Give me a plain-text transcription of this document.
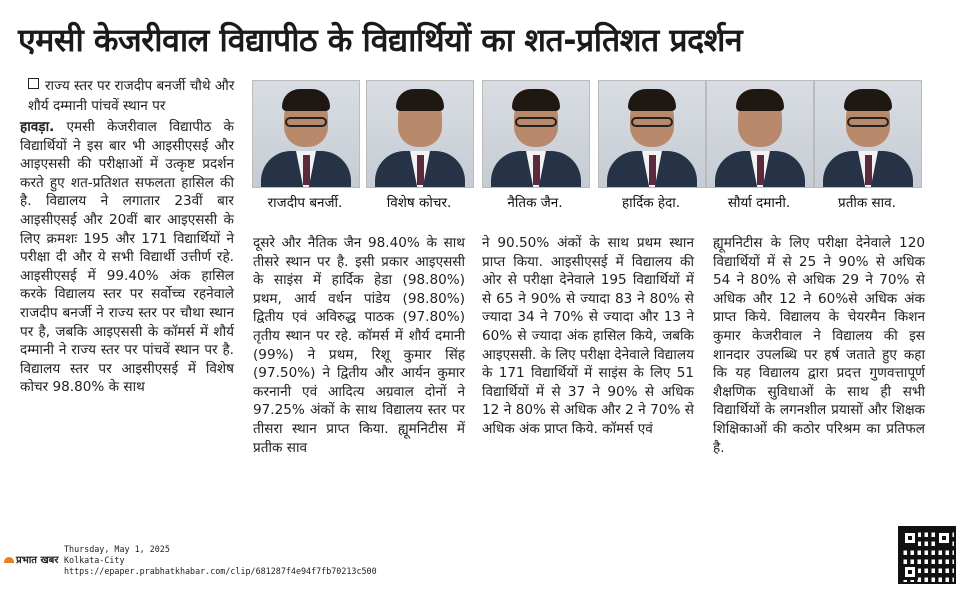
एमसी केजरीवाल विद्यापीठ के विद्यार्थियों का शत-प्रतिशत प्रदर्शन
राज्य स्तर पर राजदीप बनर्जी चौथे और शौर्य दम्मानी पांचवें स्थान पर

हावड़ा. एमसी केजरीवाल विद्यापीठ के विद्यार्थियों ने इस बार भी आइसीएसई और आइएससी की परीक्षाओं में उत्कृष्ट प्रदर्शन करते हुए शत-प्रतिशत सफलता हासिल की है. विद्यालय ने लगातार 23वीं बार आइसीएसई और 20वीं बार आइएससी के लिए क्रमशः 195 और 171 विद्यार्थियों ने परीक्षा दी और ये सभी विद्यार्थी उत्तीर्ण रहे. आइसीएसई में 99.40% अंक हासिल करके विद्यालय स्तर पर सर्वोच्च रहनेवाले राजदीप बनर्जी ने राज्य स्तर पर चौथा स्थान पर है, जबकि आइएससी के कॉमर्स में शौर्य दम्मानी ने राज्य स्तर पर पांचवें स्थान पर है. विद्यालय स्तर पर आइसीएसई में विशेष कोचर 98.80% के साथ

राजदीप बनर्जी.	विशेष कोचर.	नैतिक जैन.	हार्दिक हेदा.	सौर्या दमानी.	प्रतीक साव.

दूसरे और नैतिक जैन 98.40% के साथ तीसरे स्थान पर है. इसी प्रकार आइएससी के साइंस में हार्दिक हेडा (98.80%) प्रथम, आर्य वर्धन पांडेय (98.80%) द्वितीय एवं अविरुद्ध पाठक (97.80%) तृतीय स्थान पर रहे. कॉमर्स में शौर्य दमानी (99%) ने प्रथम, रिशू कुमार सिंह (97.50%) ने द्वितीय और आर्यन कुमार करनानी एवं आदित्य अग्रवाल दोनों ने 97.25% अंकों के साथ विद्यालय स्तर पर तीसरा स्थान प्राप्त किया. ह्यूमनिटीस में प्रतीक साव

ने 90.50% अंकों के साथ प्रथम स्थान प्राप्त किया. आइसीएसई में विद्यालय की ओर से परीक्षा देनेवाले 195 विद्यार्थियों में से 65 ने 90% से ज्यादा 83 ने 80% से ज्यादा 34 ने 70% से ज्यादा और 13 ने 60% से ज्यादा अंक हासिल किये, जबकि आइएससी. के लिए परीक्षा देनेवाले विद्यालय के 171 विद्यार्थियों में साइंस के लिए 51 विद्यार्थियों में से 37 ने 90% से अधिक 12 ने 80% से अधिक और 2 ने 70% से अधिक अंक प्राप्त किये. कॉमर्स एवं

ह्यूमनिटीस के लिए परीक्षा देनेवाले 120 विद्यार्थियों में से 25 ने 90% से अधिक 54 ने 80% से अधिक 29 ने 70% से अधिक और 12 ने 60%से अधिक अंक प्राप्त किये. विद्यालय के चेयरमैन किशन कुमार केजरीवाल ने विद्यालय की इस शानदार उपलब्धि पर हर्ष जताते हुए कहा कि यह विद्यालय द्वारा प्रदत्त गुणवत्तापूर्ण शैक्षणिक सुविधाओं के साथ ही सभी विद्यार्थियों के लगनशील प्रयासों और शिक्षक शिक्षिकाओं की कठोर परिश्रम का प्रतिफल है.

प्रभात खबर
Thursday, May 1, 2025
Kolkata-City
https://epaper.prabhatkhabar.com/clip/681287f4e94f7fb70213c500
